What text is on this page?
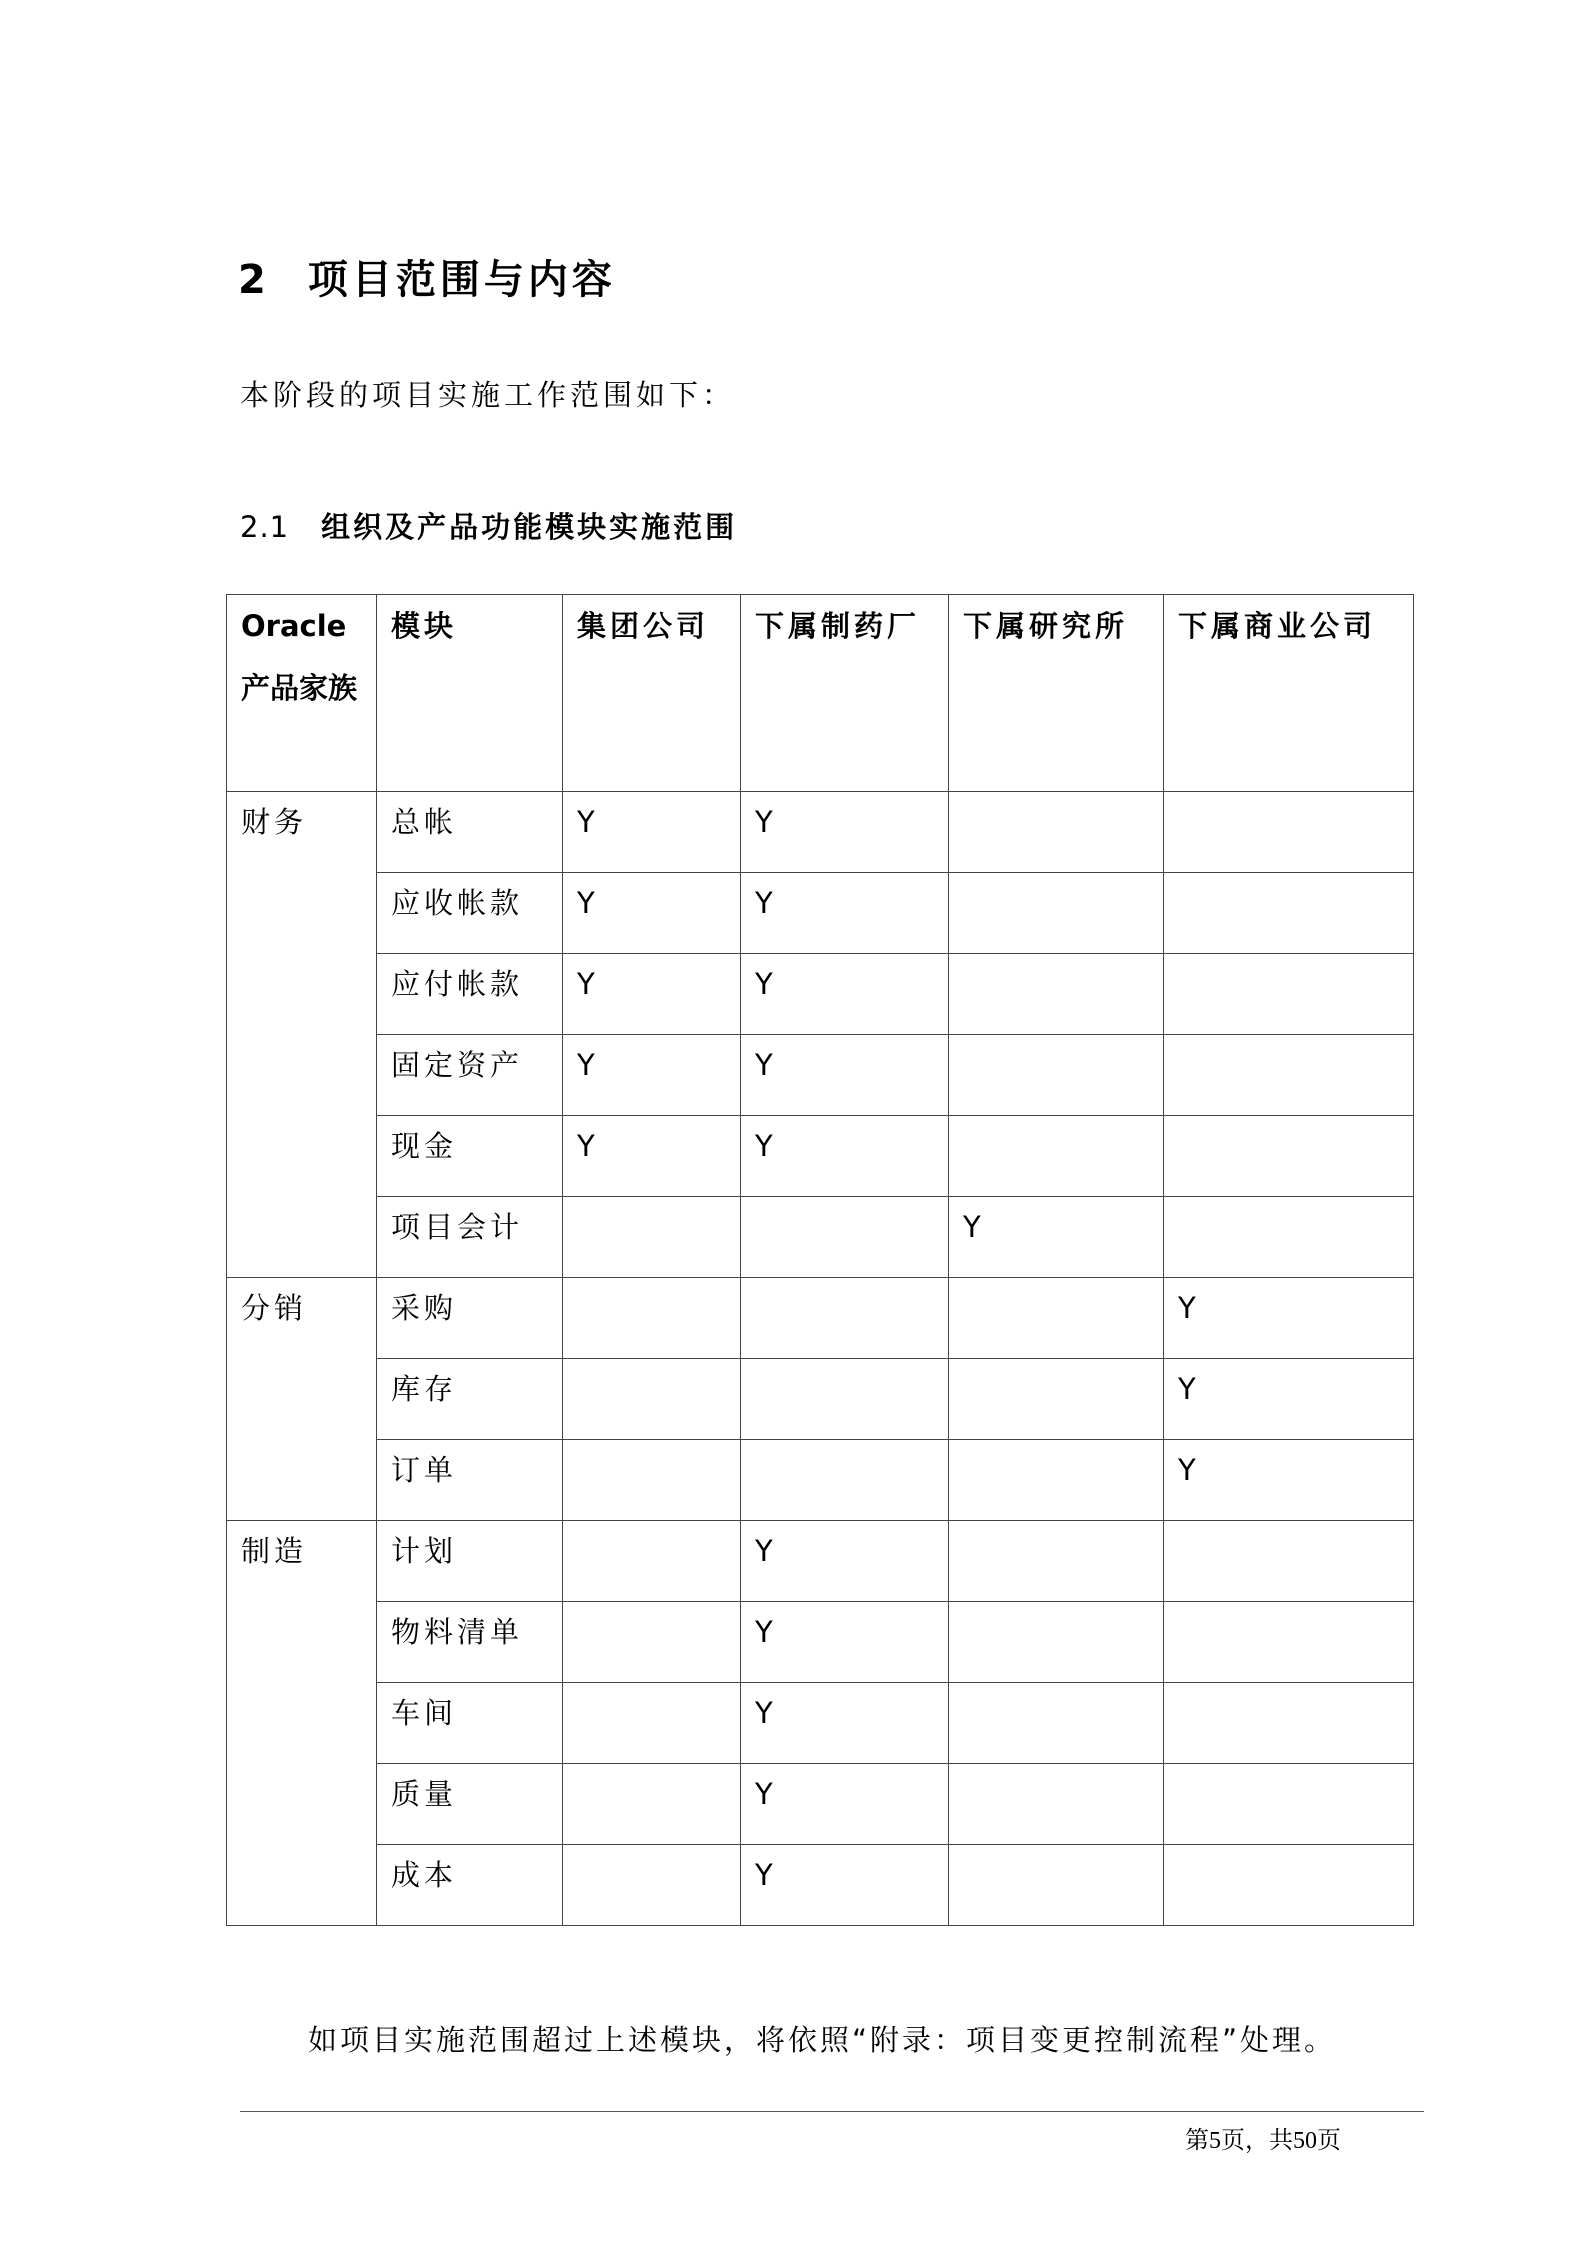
2 项目范围与内容

本阶段的项目实施工作范围如下：

2.1 组织及产品功能模块实施范围
Oracle产品家族	模块	集团公司	下属制药厂	下属研究所	下属商业公司
财务	总帐	Y	Y		
	应收帐款	Y	Y		
	应付帐款	Y	Y		
	固定资产	Y	Y		
	现金	Y	Y		
	项目会计			Y	
分销	采购				Y
	库存				Y
	订单				Y
制造	计划		Y		
	物料清单		Y		
	车间		Y		
	质量		Y		
	成本		Y		

如项目实施范围超过上述模块，将依照“附录：项目变更控制流程”处理。

第5页，共50页
